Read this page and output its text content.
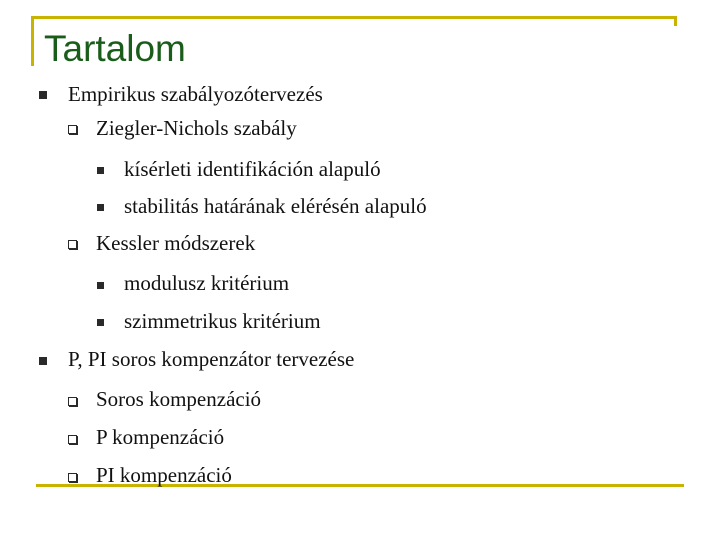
Tartalom
Empirikus szabályozótervezés
Ziegler-Nichols szabály
kísérleti identifikáción alapuló
stabilitás határának elérésén alapuló
Kessler módszerek
modulusz kritérium
szimmetrikus kritérium
P, PI soros kompenzátor tervezése
Soros kompenzáció
P kompenzáció
PI kompenzáció
